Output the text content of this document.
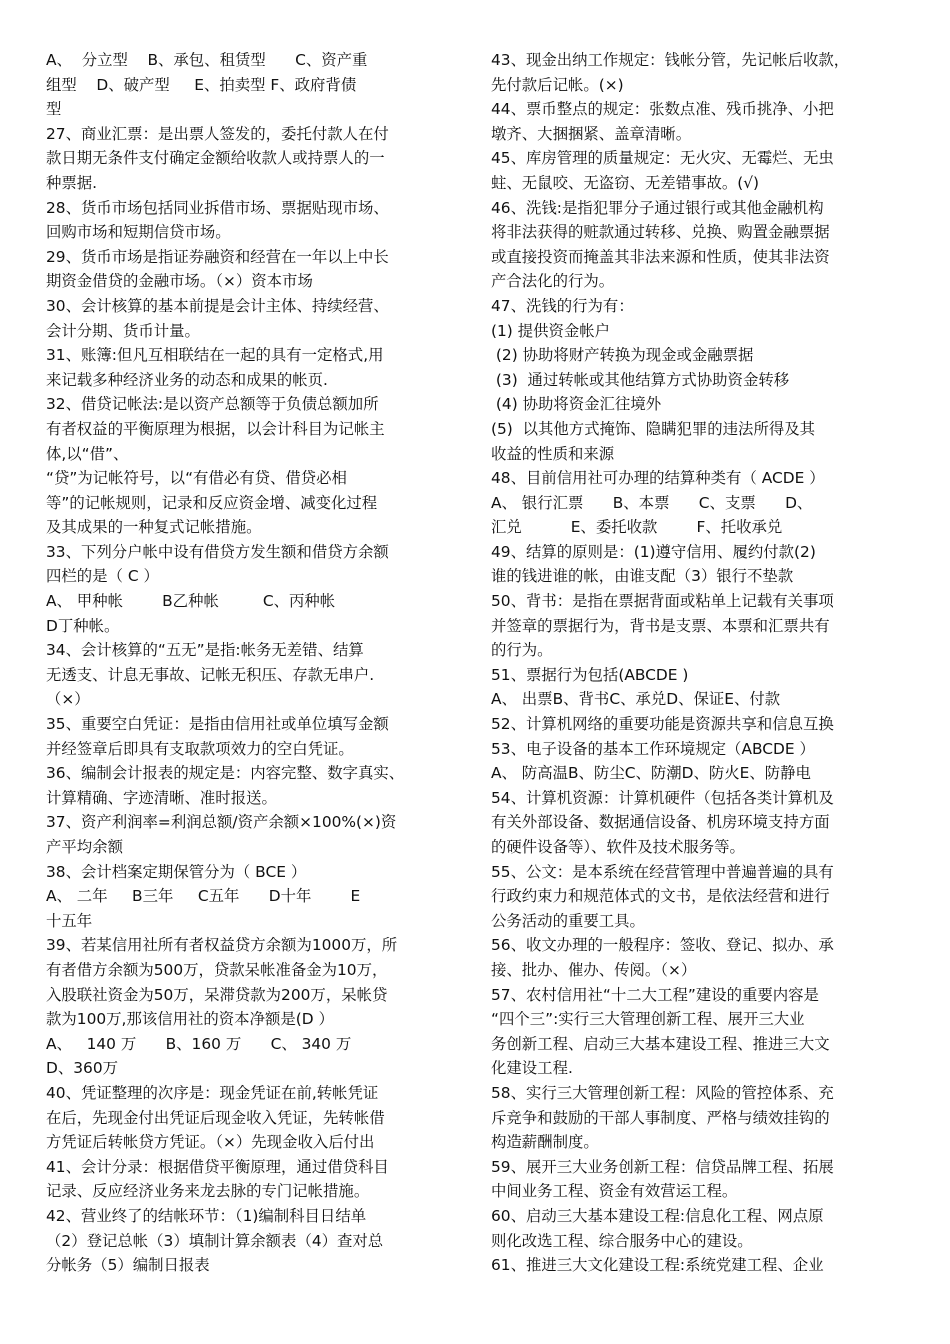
A、  分立型    B、承包、租赁型      C、资产重
组型    D、破产型     E、拍卖型 F、政府背债
型
27、商业汇票：是出票人签发的，委托付款人在付
款日期无条件支付确定金额给收款人或持票人的一
种票据.
28、货币市场包括同业拆借市场、票据贴现市场、
回购市场和短期信贷市场。
29、货币市场是指证券融资和经营在一年以上中长
期资金借贷的金融市场。（×）资本市场
30、会计核算的基本前提是会计主体、持续经营、
会计分期、货币计量。
31、账簿:但凡互相联结在一起的具有一定格式,用
来记载多种经济业务的动态和成果的帐页.
32、借贷记帐法:是以资产总额等于负债总额加所
有者权益的平衡原理为根据，以会计科目为记帐主
体,以“借”、
“贷”为记帐符号，以“有借必有贷、借贷必相
等”的记帐规则，记录和反应资金增、减变化过程
及其成果的一种复式记帐措施。
33、下列分户帐中设有借贷方发生额和借贷方余额
四栏的是（ C ）
A、 甲种帐        B乙种帐         C、丙种帐
D丁种帐。
34、会计核算的“五无”是指:帐务无差错、结算
无透支、计息无事故、记帐无积压、存款无串户.
（×）
35、重要空白凭证：是指由信用社或单位填写金额
并经签章后即具有支取款项效力的空白凭证。
36、编制会计报表的规定是：内容完整、数字真实、
计算精确、字迹清晰、准时报送。
37、资产利润率=利润总额/资产余额×100%(×)资
产平均余额
38、会计档案定期保管分为（ BCE ）
A、 二年     B三年     C五年      D十年        E
十五年
39、若某信用社所有者权益贷方余额为1000万，所
有者借方余额为500万，贷款呆帐准备金为10万，
入股联社资金为50万，呆滞贷款为200万，呆帐贷
款为100万,那该信用社的资本净额是(D ）
A、   140 万      B、160 万      C、 340 万
D、360万
40、凭证整理的次序是：现金凭证在前,转帐凭证
在后，先现金付出凭证后现金收入凭证，先转帐借
方凭证后转帐贷方凭证。（×）先现金收入后付出
41、会计分录：根据借贷平衡原理，通过借贷科目
记录、反应经济业务来龙去脉的专门记帐措施。
42、营业终了的结帐环节：（1)编制科目日结单
（2）登记总帐（3）填制计算余额表（4）查对总
分帐务（5）编制日报表
43、现金出纳工作规定：钱帐分管，先记帐后收款，
先付款后记帐。(×)
44、票币整点的规定：张数点准、残币挑净、小把
墩齐、大捆捆紧、盖章清晰。
45、库房管理的质量规定：无火灾、无霉烂、无虫
蛀、无鼠咬、无盗窃、无差错事故。(√)
46、洗钱:是指犯罪分子通过银行或其他金融机构
将非法获得的赃款通过转移、兑换、购置金融票据
或直接投资而掩盖其非法来源和性质，使其非法资
产合法化的行为。
47、洗钱的行为有：
(1) 提供资金帐户
(2) 协助将财产转换为现金或金融票据
(3)  通过转帐或其他结算方式协助资金转移
(4) 协助将资金汇往境外
(5)  以其他方式掩饰、隐瞒犯罪的违法所得及其
收益的性质和来源
48、目前信用社可办理的结算种类有（ ACDE ）
A、 银行汇票      B、本票      C、支票      D、
汇兑          E、委托收款        F、托收承兑
49、结算的原则是：(1)遵守信用、履约付款(2)
谁的钱进谁的帐，由谁支配（3）银行不垫款
50、背书：是指在票据背面或粘单上记载有关事项
并签章的票据行为，背书是支票、本票和汇票共有
的行为。
51、票据行为包括(ABCDE )
A、 出票B、背书C、承兑D、保证E、付款
52、计算机网络的重要功能是资源共享和信息互换
53、电子设备的基本工作环境规定（ABCDE ）
A、 防高温B、防尘C、防潮D、防火E、防静电
54、计算机资源：计算机硬件（包括各类计算机及
有关外部设备、数据通信设备、机房环境支持方面
的硬件设备等）、软件及技术服务等。
55、公文：是本系统在经营管理中普遍普遍的具有
行政约束力和规范体式的文书，是依法经营和进行
公务活动的重要工具。
56、收文办理的一般程序：签收、登记、拟办、承
接、批办、催办、传阅。（×）
57、农村信用社“十二大工程”建设的重要内容是
“四个三”:实行三大管理创新工程、展开三大业
务创新工程、启动三大基本建设工程、推进三大文
化建设工程.
58、实行三大管理创新工程：风险的管控体系、充
斥竞争和鼓励的干部人事制度、严格与绩效挂钩的
构造薪酬制度。
59、展开三大业务创新工程：信贷品牌工程、拓展
中间业务工程、资金有效营运工程。
60、启动三大基本建设工程:信息化工程、网点原
则化改选工程、综合服务中心的建设。
61、推进三大文化建设工程:系统党建工程、企业
